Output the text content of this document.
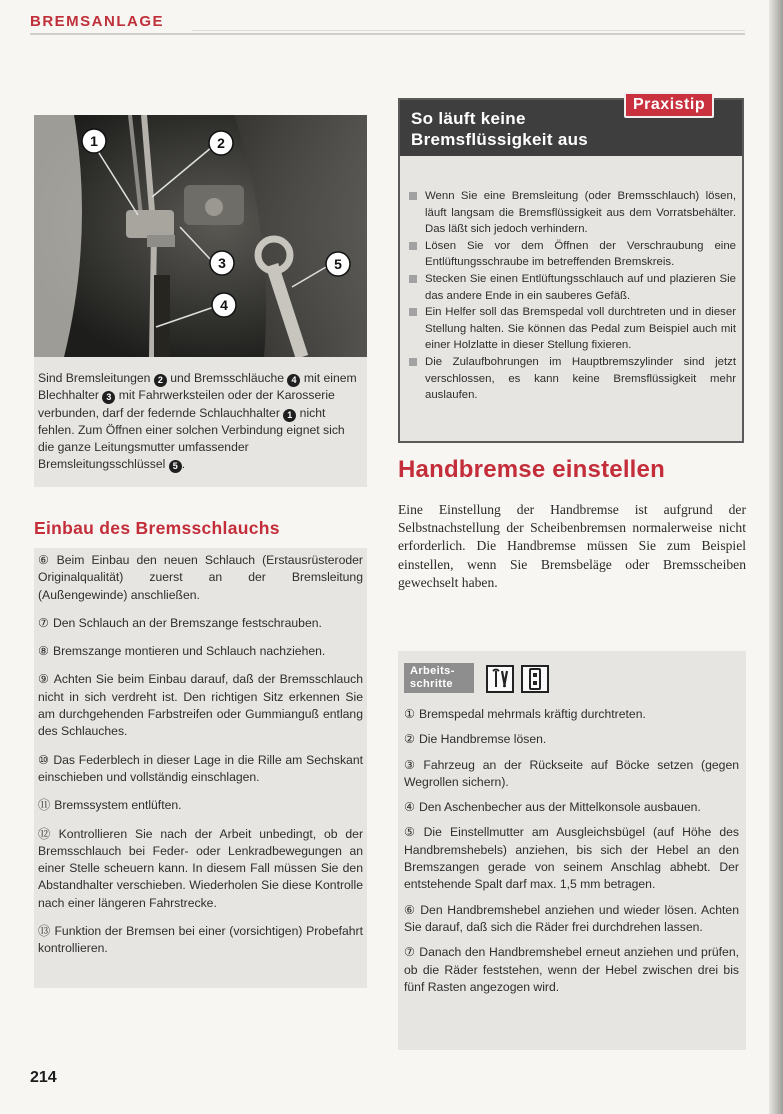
BREMSANLAGE
1	2
3
4
5
Sind Bremsleitungen 2 und Bremsschläuche 4 mit einem Blechhalter 3 mit Fahrwerksteilen oder der Karosserie verbunden, darf der federnde Schlauchhalter 1 nicht fehlen. Zum Öffnen einer solchen Verbindung eignet sich die ganze Leitungsmutter umfassender Bremsleitungsschlüssel 5 .
Einbau des Bremsschlauchs

⑥ Beim Einbau den neuen Schlauch (Erstausrüsteroder Originalqualität) zuerst an der Bremsleitung (Außengewinde) anschließen.

⑦ Den Schlauch an der Bremszange festschrauben.

⑧ Bremszange montieren und Schlauch nachziehen.

⑨ Achten Sie beim Einbau darauf, daß der Bremsschlauch nicht in sich verdreht ist. Den richtigen Sitz erkennen Sie am durchgehenden Farbstreifen oder Gummianguß entlang des Schlauches.

⑩ Das Federblech in dieser Lage in die Rille am Sechskant einschieben und vollständig einschlagen.

⑪ Bremssystem entlüften.

⑫ Kontrollieren Sie nach der Arbeit unbedingt, ob der Bremsschlauch bei Feder- oder Lenkradbewegungen an einer Stelle scheuern kann. In diesem Fall müssen Sie den Abstandhalter verschieben. Wiederholen Sie diese Kontrolle nach einer längeren Fahrstrecke.

⑬ Funktion der Bremsen bei einer (vorsichtigen) Probefahrt kontrollieren.

214
So läuft keine
Bremsflüssigkeit aus
Praxistip
Wenn Sie eine Bremsleitung (oder Bremsschlauch) lösen, läuft langsam die Bremsflüssigkeit aus dem Vorratsbehälter. Das läßt sich jedoch verhindern.
Lösen Sie vor dem Öffnen der Verschraubung eine Entlüftungsschraube im betreffenden Bremskreis.
Stecken Sie einen Entlüftungsschlauch auf und plazieren Sie das andere Ende in ein sauberes Gefäß.
Ein Helfer soll das Bremspedal voll durchtreten und in dieser Stellung halten. Sie können das Pedal zum Beispiel auch mit einer Holzlatte in dieser Stellung fixieren.
Die Zulaufbohrungen im Hauptbremszylinder sind jetzt verschlossen, es kann keine Bremsflüssigkeit mehr auslaufen.
Handbremse einstellen

Eine Einstellung der Handbremse ist aufgrund der Selbstnachstellung der Scheibenbremsen normalerweise nicht erforderlich. Die Handbremse müssen Sie zum Beispiel einstellen, wenn Sie Bremsbeläge oder Bremsscheiben gewechselt haben.

Arbeits-
schritte

① Bremspedal mehrmals kräftig durchtreten.

② Die Handbremse lösen.

③ Fahrzeug an der Rückseite auf Böcke setzen (gegen Wegrollen sichern).

④ Den Aschenbecher aus der Mittelkonsole ausbauen.

⑤ Die Einstellmutter am Ausgleichsbügel (auf Höhe des Handbremshebels) anziehen, bis sich der Hebel an den Bremszangen gerade von seinem Anschlag abhebt. Der entstehende Spalt darf max. 1,5 mm betragen.

⑥ Den Handbremshebel anziehen und wieder lösen. Achten Sie darauf, daß sich die Räder frei durchdrehen lassen.

⑦ Danach den Handbremshebel erneut anziehen und prüfen, ob die Räder feststehen, wenn der Hebel zwischen drei bis fünf Rasten angezogen wird.
